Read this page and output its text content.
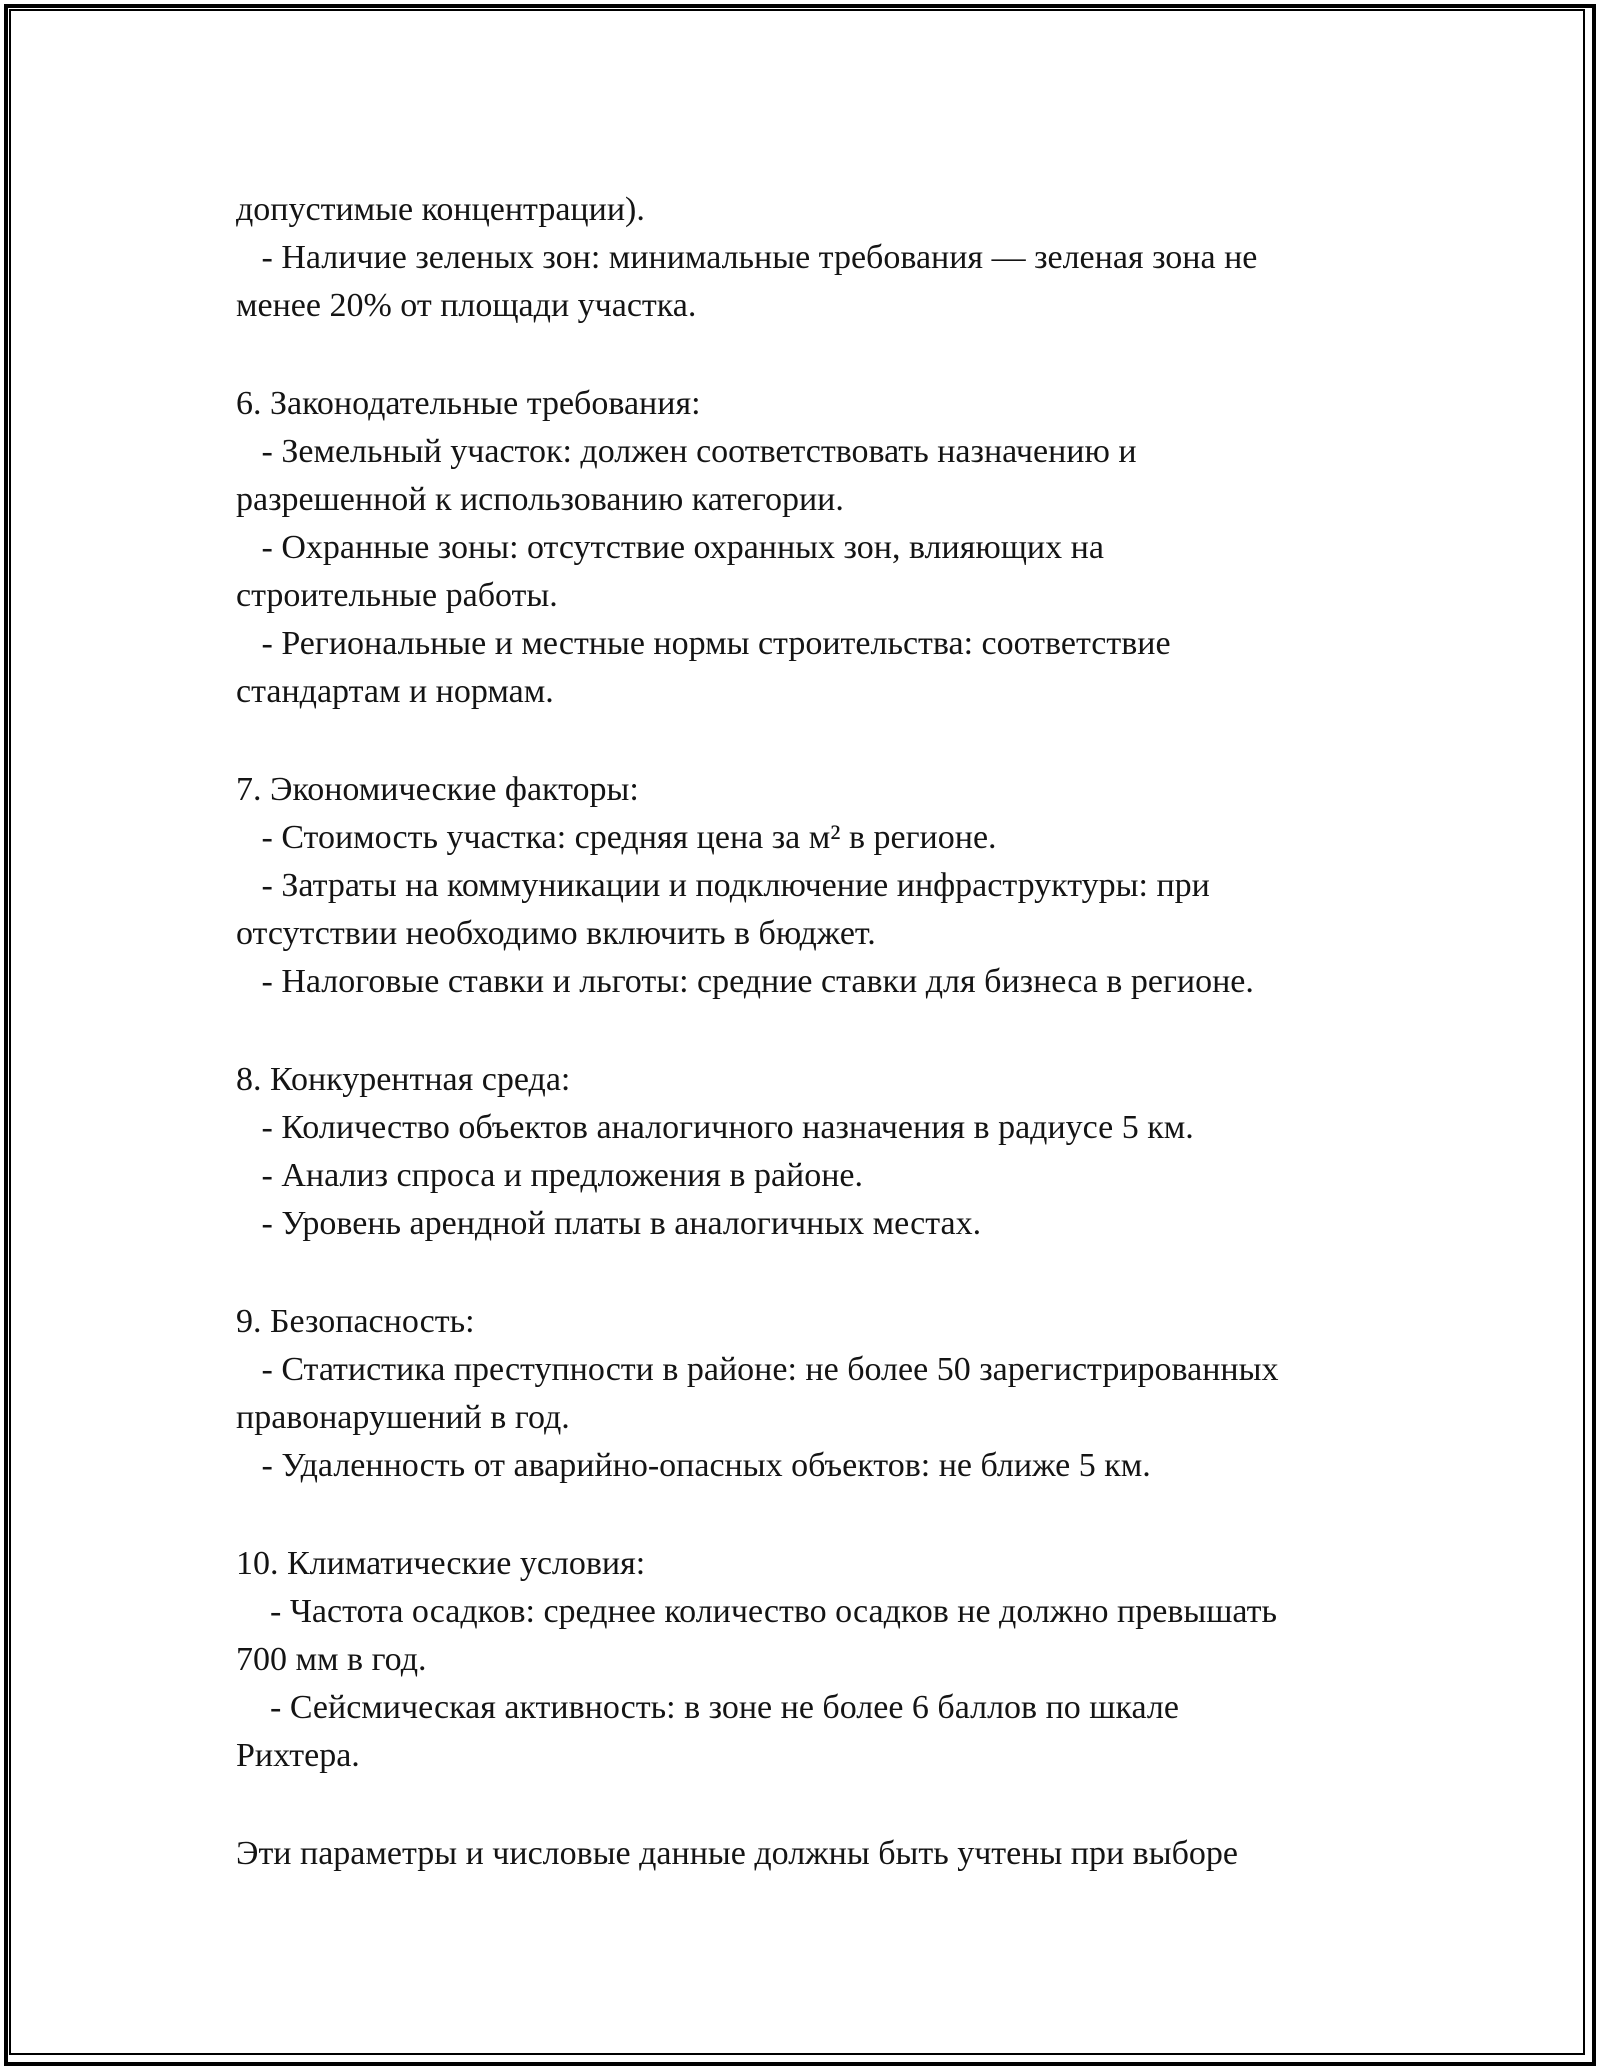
допустимые концентрации).
- Наличие зеленых зон: минимальные требования — зеленая зона не
менее 20% от площади участка.
6. Законодательные требования:
- Земельный участок: должен соответствовать назначению и
разрешенной к использованию категории.
- Охранные зоны: отсутствие охранных зон, влияющих на
строительные работы.
- Региональные и местные нормы строительства: соответствие
стандартам и нормам.
7. Экономические факторы:
- Стоимость участка: средняя цена за м² в регионе.
- Затраты на коммуникации и подключение инфраструктуры: при
отсутствии необходимо включить в бюджет.
- Налоговые ставки и льготы: средние ставки для бизнеса в регионе.
8. Конкурентная среда:
- Количество объектов аналогичного назначения в радиусе 5 км.
- Анализ спроса и предложения в районе.
- Уровень арендной платы в аналогичных местах.
9. Безопасность:
- Статистика преступности в районе: не более 50 зарегистрированных
правонарушений в год.
- Удаленность от аварийно-опасных объектов: не ближе 5 км.
10. Климатические условия:
- Частота осадков: среднее количество осадков не должно превышать
700 мм в год.
- Сейсмическая активность: в зоне не более 6 баллов по шкале
Рихтера.
Эти параметры и числовые данные должны быть учтены при выборе
